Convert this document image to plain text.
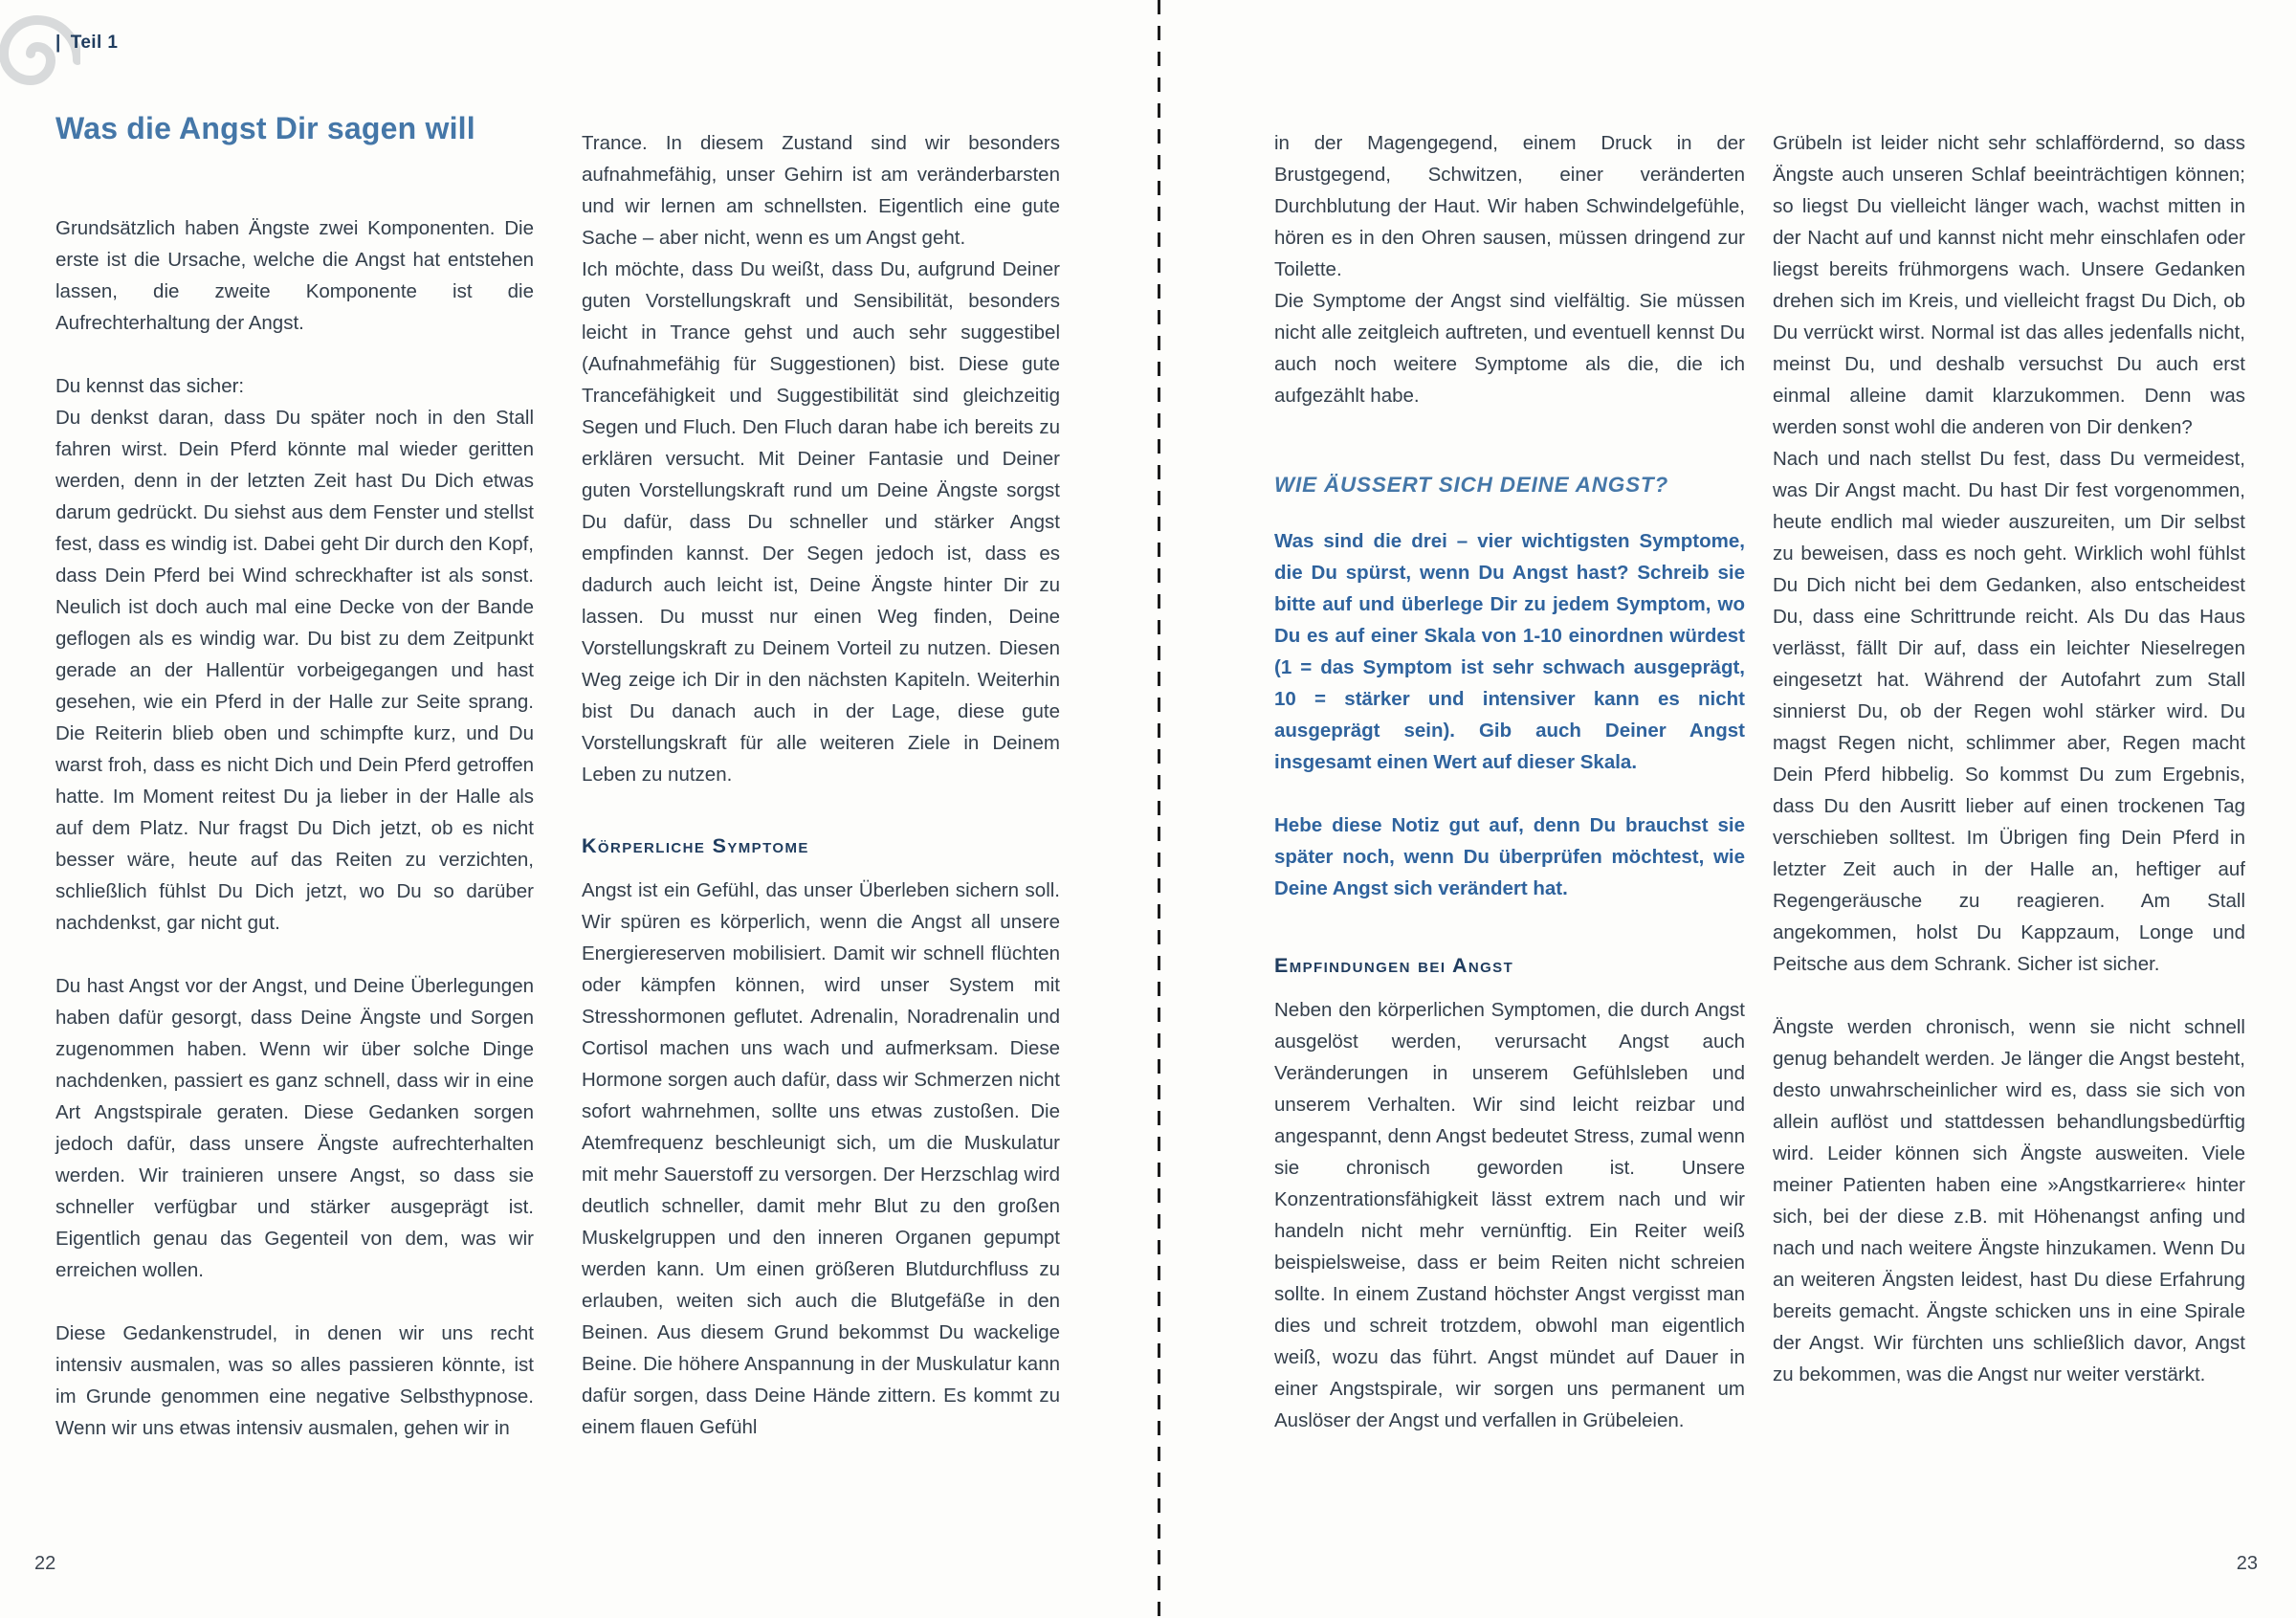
| Teil 1
Was die Angst Dir sagen will

Grundsätzlich haben Ängste zwei Komponenten. Die erste ist die Ursache, welche die Angst hat entstehen lassen, die zweite Komponente ist die Aufrechterhaltung der Angst.

Du kennst das sicher:

Du denkst daran, dass Du später noch in den Stall fahren wirst. Dein Pferd könnte mal wieder geritten werden, denn in der letzten Zeit hast Du Dich etwas darum gedrückt. Du siehst aus dem Fenster und stellst fest, dass es windig ist. Dabei geht Dir durch den Kopf, dass Dein Pferd bei Wind schreckhafter ist als sonst. Neulich ist doch auch mal eine Decke von der Bande geflogen als es windig war. Du bist zu dem Zeitpunkt gerade an der Hallentür vorbeigegangen und hast gesehen, wie ein Pferd in der Halle zur Seite sprang. Die Reiterin blieb oben und schimpfte kurz, und Du warst froh, dass es nicht Dich und Dein Pferd getroffen hatte. Im Moment reitest Du ja lieber in der Halle als auf dem Platz. Nur fragst Du Dich jetzt, ob es nicht besser wäre, heute auf das Reiten zu verzichten, schließlich fühlst Du Dich jetzt, wo Du so darüber nachdenkst, gar nicht gut.

Du hast Angst vor der Angst, und Deine Überlegungen haben dafür gesorgt, dass Deine Ängste und Sorgen zugenommen haben. Wenn wir über solche Dinge nachdenken, passiert es ganz schnell, dass wir in eine Art Angstspirale geraten. Diese Gedanken sorgen jedoch dafür, dass unsere Ängste aufrechterhalten werden. Wir trainieren unsere Angst, so dass sie schneller verfügbar und stärker ausgeprägt ist. Eigentlich genau das Gegenteil von dem, was wir erreichen wollen.

Diese Gedankenstrudel, in denen wir uns recht intensiv ausmalen, was so alles passieren könnte, ist im Grunde genommen eine negative Selbsthypnose. Wenn wir uns etwas intensiv ausmalen, gehen wir in

Trance. In diesem Zustand sind wir besonders aufnahmefähig, unser Gehirn ist am veränderbarsten und wir lernen am schnellsten. Eigentlich eine gute Sache – aber nicht, wenn es um Angst geht.

Ich möchte, dass Du weißt, dass Du, aufgrund Deiner guten Vorstellungskraft und Sensibilität, besonders leicht in Trance gehst und auch sehr suggestibel (Aufnahmefähig für Suggestionen) bist. Diese gute Trancefähigkeit und Suggestibilität sind gleichzeitig Segen und Fluch. Den Fluch daran habe ich bereits zu erklären versucht. Mit Deiner Fantasie und Deiner guten Vorstellungskraft rund um Deine Ängste sorgst Du dafür, dass Du schneller und stärker Angst empfinden kannst. Der Segen jedoch ist, dass es dadurch auch leicht ist, Deine Ängste hinter Dir zu lassen. Du musst nur einen Weg finden, Deine Vorstellungskraft zu Deinem Vorteil zu nutzen. Diesen Weg zeige ich Dir in den nächsten Kapiteln. Weiterhin bist Du danach auch in der Lage, diese gute Vorstellungskraft für alle weiteren Ziele in Deinem Leben zu nutzen.

Körperliche Symptome

Angst ist ein Gefühl, das unser Überleben sichern soll. Wir spüren es körperlich, wenn die Angst all unsere Energiereserven mobilisiert. Damit wir schnell flüchten oder kämpfen können, wird unser System mit Stresshormonen geflutet. Adrenalin, Noradrenalin und Cortisol machen uns wach und aufmerksam. Diese Hormone sorgen auch dafür, dass wir Schmerzen nicht sofort wahrnehmen, sollte uns etwas zustoßen. Die Atemfrequenz beschleunigt sich, um die Muskulatur mit mehr Sauerstoff zu versorgen. Der Herzschlag wird deutlich schneller, damit mehr Blut zu den großen Muskelgruppen und den inneren Organen gepumpt werden kann. Um einen größeren Blutdurchfluss zu erlauben, weiten sich auch die Blutgefäße in den Beinen. Aus diesem Grund bekommst Du wackelige Beine. Die höhere Anspannung in der Muskulatur kann dafür sorgen, dass Deine Hände zittern. Es kommt zu einem flauen Gefühl

in der Magengegend, einem Druck in der Brustgegend, Schwitzen, einer veränderten Durchblutung der Haut. Wir haben Schwindelgefühle, hören es in den Ohren sausen, müssen dringend zur Toilette.

Die Symptome der Angst sind vielfältig. Sie müssen nicht alle zeitgleich auftreten, und eventuell kennst Du auch noch weitere Symptome als die, die ich aufgezählt habe.

WIE ÄUSSERT SICH DEINE ANGST?

Was sind die drei – vier wichtigsten Symptome, die Du spürst, wenn Du Angst hast? Schreib sie bitte auf und überlege Dir zu jedem Symptom, wo Du es auf einer Skala von 1-10 einordnen würdest (1 = das Symptom ist sehr schwach ausgeprägt, 10 = stärker und intensiver kann es nicht ausgeprägt sein). Gib auch Deiner Angst insgesamt einen Wert auf dieser Skala.

Hebe diese Notiz gut auf, denn Du brauchst sie später noch, wenn Du überprüfen möchtest, wie Deine Angst sich verändert hat.

Empfindungen bei Angst

Neben den körperlichen Symptomen, die durch Angst ausgelöst werden, verursacht Angst auch Veränderungen in unserem Gefühlsleben und unserem Verhalten. Wir sind leicht reizbar und angespannt, denn Angst bedeutet Stress, zumal wenn sie chronisch geworden ist. Unsere Konzentrationsfähigkeit lässt extrem nach und wir handeln nicht mehr vernünftig. Ein Reiter weiß beispielsweise, dass er beim Reiten nicht schreien sollte. In einem Zustand höchster Angst vergisst man dies und schreit trotzdem, obwohl man eigentlich weiß, wozu das führt. Angst mündet auf Dauer in einer Angstspirale, wir sorgen uns permanent um Auslöser der Angst und verfallen in Grübeleien.

Grübeln ist leider nicht sehr schlaffördernd, so dass Ängste auch unseren Schlaf beeinträchtigen können; so liegst Du vielleicht länger wach, wachst mitten in der Nacht auf und kannst nicht mehr einschlafen oder liegst bereits frühmorgens wach. Unsere Gedanken drehen sich im Kreis, und vielleicht fragst Du Dich, ob Du verrückt wirst. Normal ist das alles jedenfalls nicht, meinst Du, und deshalb versuchst Du auch erst einmal alleine damit klarzukommen. Denn was werden sonst wohl die anderen von Dir denken?

Nach und nach stellst Du fest, dass Du vermeidest, was Dir Angst macht. Du hast Dir fest vorgenommen, heute endlich mal wieder auszureiten, um Dir selbst zu beweisen, dass es noch geht. Wirklich wohl fühlst Du Dich nicht bei dem Gedanken, also entscheidest Du, dass eine Schrittrunde reicht. Als Du das Haus verlässt, fällt Dir auf, dass ein leichter Nieselregen eingesetzt hat. Während der Autofahrt zum Stall sinnierst Du, ob der Regen wohl stärker wird. Du magst Regen nicht, schlimmer aber, Regen macht Dein Pferd hibbelig. So kommst Du zum Ergebnis, dass Du den Ausritt lieber auf einen trockenen Tag verschieben solltest. Im Übrigen fing Dein Pferd in letzter Zeit auch in der Halle an, heftiger auf Regengeräusche zu reagieren. Am Stall angekommen, holst Du Kappzaum, Longe und Peitsche aus dem Schrank. Sicher ist sicher.

Ängste werden chronisch, wenn sie nicht schnell genug behandelt werden. Je länger die Angst besteht, desto unwahrscheinlicher wird es, dass sie sich von allein auflöst und stattdessen behandlungsbedürftig wird. Leider können sich Ängste ausweiten. Viele meiner Patienten haben eine »Angstkarriere« hinter sich, bei der diese z.B. mit Höhenangst anfing und nach und nach weitere Ängste hinzukamen. Wenn Du an weiteren Ängsten leidest, hast Du diese Erfahrung bereits gemacht. Ängste schicken uns in eine Spirale der Angst. Wir fürchten uns schließlich davor, Angst zu bekommen, was die Angst nur weiter verstärkt.

22	23
